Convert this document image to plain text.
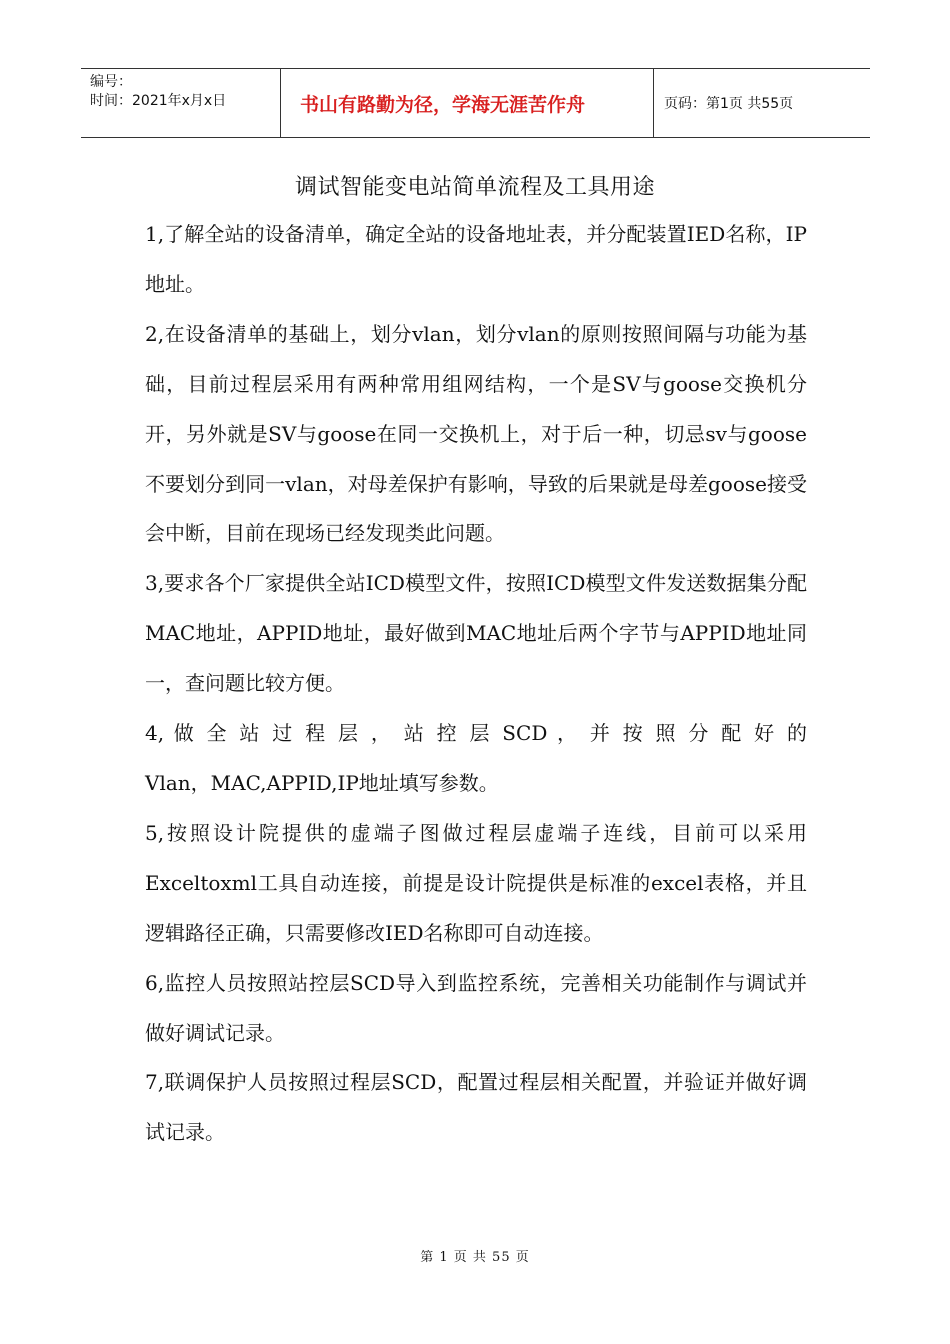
编号：
时间：2021年x月x日	书山有路勤为径，学海无涯苦作舟	页码：第1页 共55页
调试智能变电站简单流程及工具用途

1,了解全站的设备清单，确定全站的设备地址表，并分配装置IED名称，IP地址。

2,在设备清单的基础上，划分vlan，划分vlan的原则按照间隔与功能为基础，目前过程层采用有两种常用组网结构，一个是SV与goose交换机分开，另外就是SV与goose在同一交换机上，对于后一种，切忌sv与goose不要划分到同一vlan，对母差保护有影响，导致的后果就是母差goose接受会中断，目前在现场已经发现类此问题。

3,要求各个厂家提供全站ICD模型文件，按照ICD模型文件发送数据集分配MAC地址，APPID地址，最好做到MAC地址后两个字节与APPID地址同一，查问题比较方便。

4, 做 全 站 过 程 层 ， 站 控 层 SCD ， 并 按 照 分 配 好 的
Vlan，MAC,APPID,IP地址填写参数。

5,按照设计院提供的虚端子图做过程层虚端子连线，目前可以采用Exceltoxml工具自动连接，前提是设计院提供是标准的excel表格，并且逻辑路径正确，只需要修改IED名称即可自动连接。

6,监控人员按照站控层SCD导入到监控系统，完善相关功能制作与调试并做好调试记录。

7,联调保护人员按照过程层SCD，配置过程层相关配置，并验证并做好调试记录。

第 1 页 共 55 页
